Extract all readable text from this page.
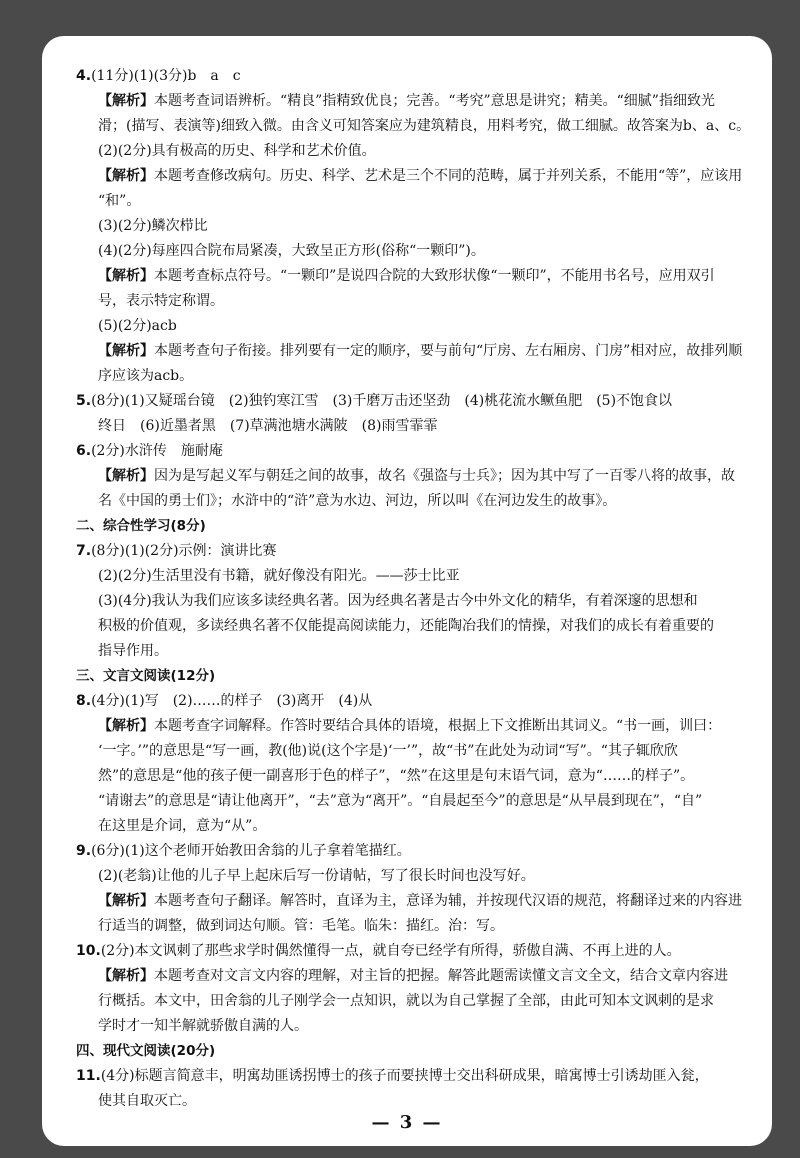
4.(11分)(1)(3分)b　a　c
【解析】本题考查词语辨析。“精良”指精致优良；完善。“考究”意思是讲究；精美。“细腻”指细致光
滑；(描写、表演等)细致入微。由含义可知答案应为建筑精良，用料考究，做工细腻。故答案为b、a、c。
(2)(2分)具有极高的历史、科学和艺术价值。
【解析】本题考查修改病句。历史、科学、艺术是三个不同的范畴，属于并列关系，不能用“等”，应该用
“和”。
(3)(2分)鳞次栉比
(4)(2分)每座四合院布局紧凑，大致呈正方形(俗称“一颗印”)。
【解析】本题考查标点符号。“一颗印”是说四合院的大致形状像“一颗印”，不能用书名号，应用双引
号，表示特定称谓。
(5)(2分)acb
【解析】本题考查句子衔接。排列要有一定的顺序，要与前句“厅房、左右厢房、门房”相对应，故排列顺
序应该为acb。
5.(8分)(1)又疑瑶台镜　(2)独钓寒江雪　(3)千磨万击还坚劲　(4)桃花流水鳜鱼肥　(5)不饱食以
终日　(6)近墨者黑　(7)草满池塘水满陂　(8)雨雪霏霏
6.(2分)水浒传　施耐庵
【解析】因为是写起义军与朝廷之间的故事，故名《强盗与士兵》；因为其中写了一百零八将的故事，故
名《中国的勇士们》；水浒中的“浒”意为水边、河边，所以叫《在河边发生的故事》。
二、综合性学习(8分)
7.(8分)(1)(2分)示例：演讲比赛
(2)(2分)生活里没有书籍，就好像没有阳光。——莎士比亚
(3)(4分)我认为我们应该多读经典名著。因为经典名著是古今中外文化的精华，有着深邃的思想和
积极的价值观，多读经典名著不仅能提高阅读能力，还能陶冶我们的情操，对我们的成长有着重要的
指导作用。
三、文言文阅读(12分)
8.(4分)(1)写　(2)……的样子　(3)离开　(4)从
【解析】本题考查字词解释。作答时要结合具体的语境，根据上下文推断出其词义。“书一画，训曰：
‘一字。’”的意思是“写一画，教(他)说(这个字是)‘一’”，故“书”在此处为动词“写”。“其子辄欣欣
然”的意思是“他的孩子便一副喜形于色的样子”，“然”在这里是句末语气词，意为“……的样子”。
“请谢去”的意思是“请让他离开”，“去”意为“离开”。“自晨起至今”的意思是“从早晨到现在”，“自”
在这里是介词，意为“从”。
9.(6分)(1)这个老师开始教田舍翁的儿子拿着笔描红。
(2)(老翁)让他的儿子早上起床后写一份请帖，写了很长时间也没写好。
【解析】本题考查句子翻译。解答时，直译为主，意译为辅，并按现代汉语的规范，将翻译过来的内容进
行适当的调整，做到词达句顺。管：毛笔。临朱：描红。治：写。
10.(2分)本文讽刺了那些求学时偶然懂得一点，就自夸已经学有所得，骄傲自满、不再上进的人。
【解析】本题考查对文言文内容的理解，对主旨的把握。解答此题需读懂文言文全文，结合文章内容进
行概括。本文中，田舍翁的儿子刚学会一点知识，就以为自己掌握了全部，由此可知本文讽刺的是求
学时才一知半解就骄傲自满的人。
四、现代文阅读(20分)
11.(4分)标题言简意丰，明寓劫匪诱拐博士的孩子而要挟博士交出科研成果，暗寓博士引诱劫匪入瓮，
使其自取灭亡。
— 3 —
